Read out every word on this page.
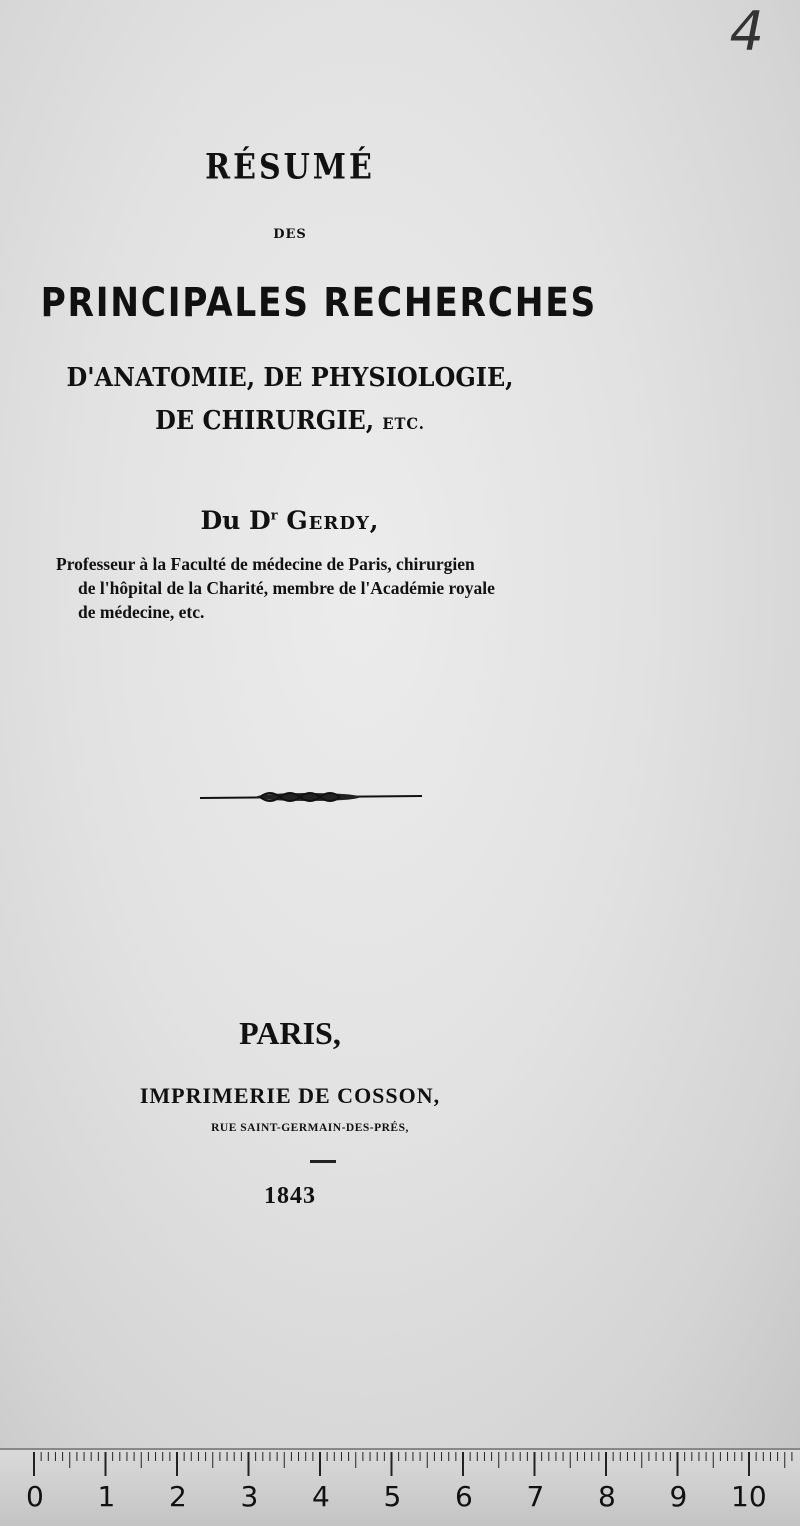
4
RÉSUMÉ
DES
PRINCIPALES RECHERCHES
D'ANATOMIE, DE PHYSIOLOGIE,
DE CHIRURGIE, ETC.
Du $D^r$ Gerdy,
Professeur à la Faculté de médecine de Paris, chirurgien
de l'hôpital de la Charité, membre de l'Académie royale
de médecine, etc.
PARIS,
IMPRIMERIE DE COSSON,
RUE SAINT-GERMAIN-DES-PRÉS,
1843
0 1 2 3 4 5 6 7 8 9 10
